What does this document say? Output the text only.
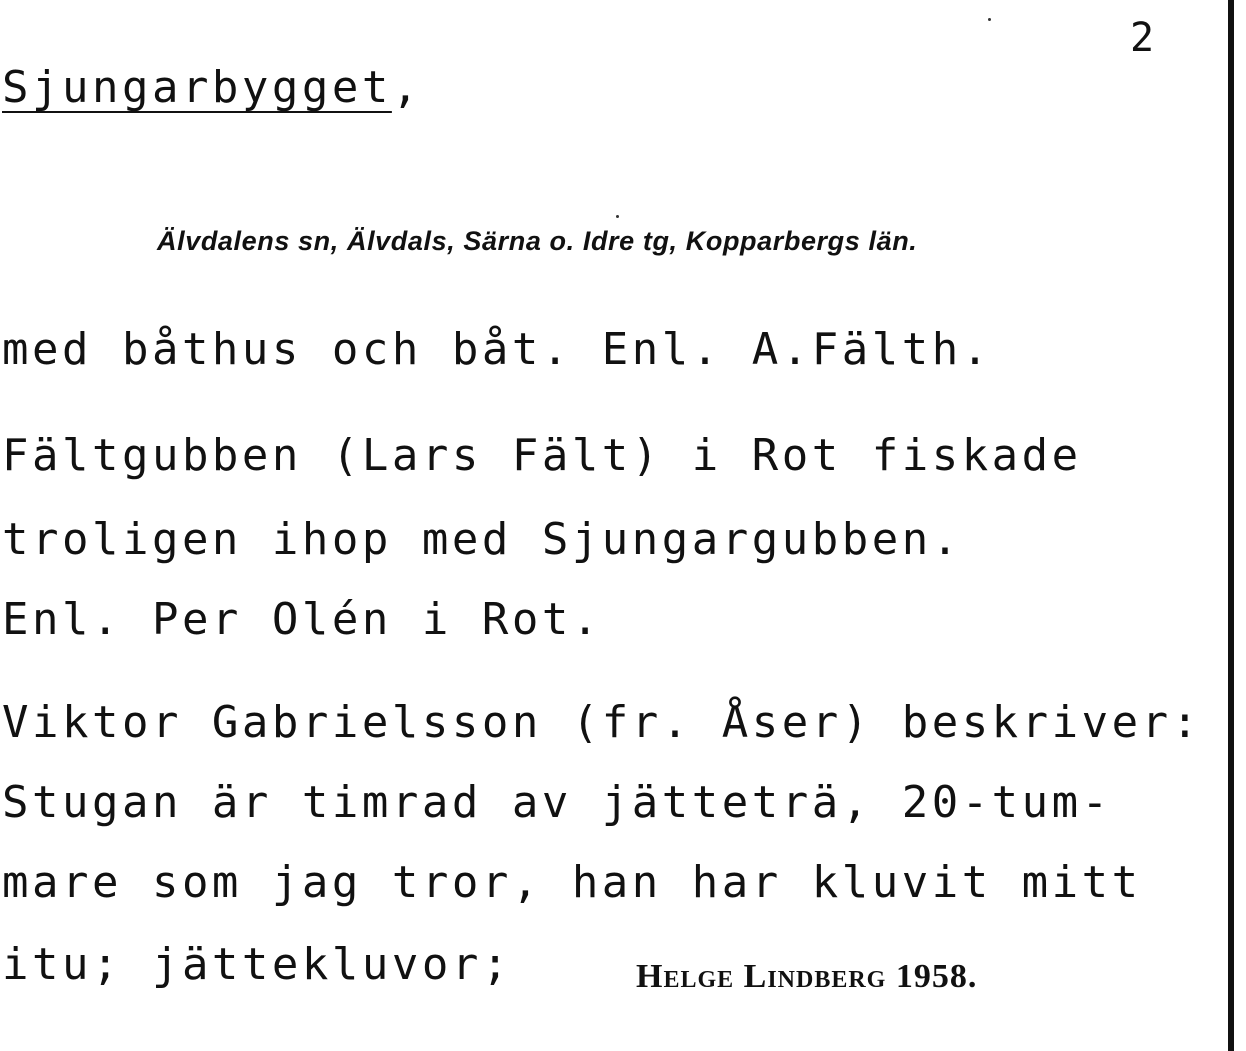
2
Sjungarbygget,
Älvdalens sn, Älvdals, Särna o. Idre tg, Kopparbergs län.
med båthus och båt. Enl. A.Fälth.
Fältgubben (Lars Fält) i Rot fiskade
troligen ihop med Sjungargubben.
Enl. Per Olén i Rot.
Viktor Gabrielsson (fr. Åser) beskriver:
Stugan är timrad av jätteträ, 20-tum-
mare som jag tror, han har kluvit mitt
itu; jättekluvor;	Helge Lindberg 1958.
